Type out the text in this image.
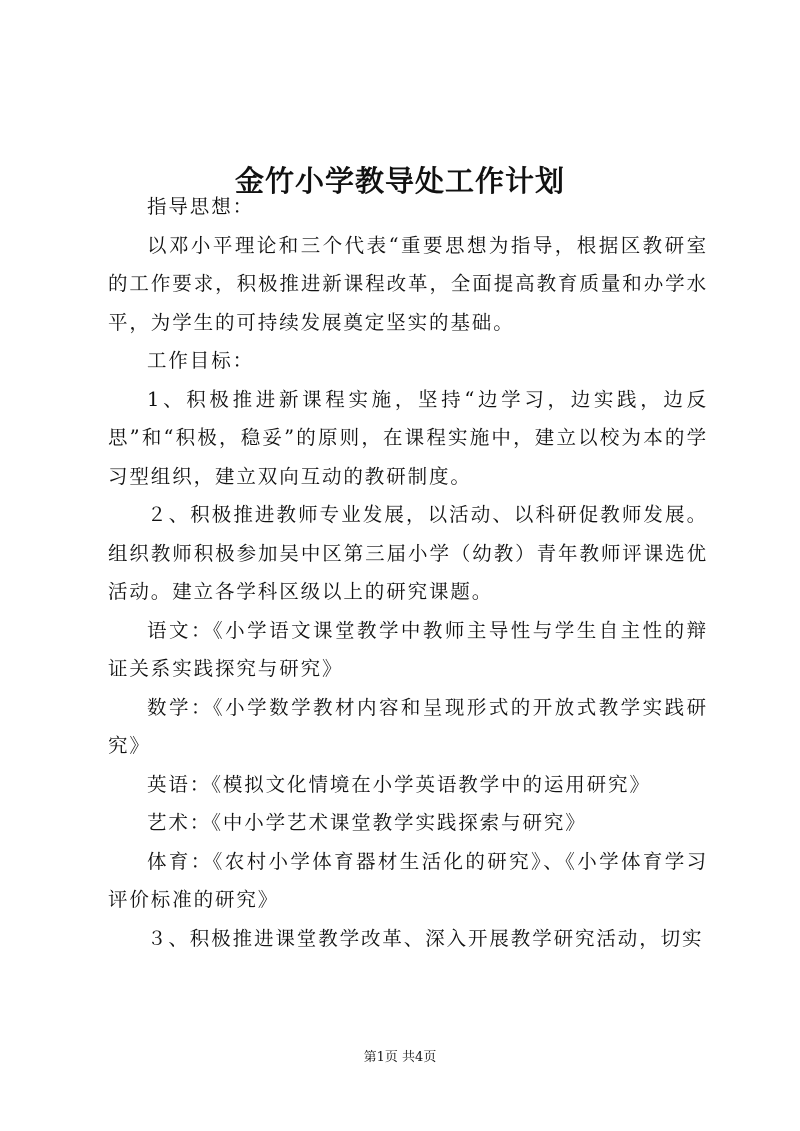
金竹小学教导处工作计划

指导思想：

以邓小平理论和三个代表“重要思想为指导，根据区教研室的工作要求，积极推进新课程改革，全面提高教育质量和办学水平，为学生的可持续发展奠定坚实的基础。

工作目标：

1、积极推进新课程实施，坚持“边学习，边实践，边反思”和“积极，稳妥”的原则，在课程实施中，建立以校为本的学习型组织，建立双向互动的教研制度。

２、积极推进教师专业发展，以活动、以科研促教师发展。组织教师积极参加吴中区第三届小学（幼教）青年教师评课选优活动。建立各学科区级以上的研究课题。

语文：《小学语文课堂教学中教师主导性与学生自主性的辩证关系实践探究与研究》

数学：《小学数学教材内容和呈现形式的开放式教学实践研究》

英语：《模拟文化情境在小学英语教学中的运用研究》

艺术：《中小学艺术课堂教学实践探索与研究》

体育：《农村小学体育器材生活化的研究》、《小学体育学习评价标准的研究》

３、积极推进课堂教学改革、深入开展教学研究活动，切实

第1页 共4页
